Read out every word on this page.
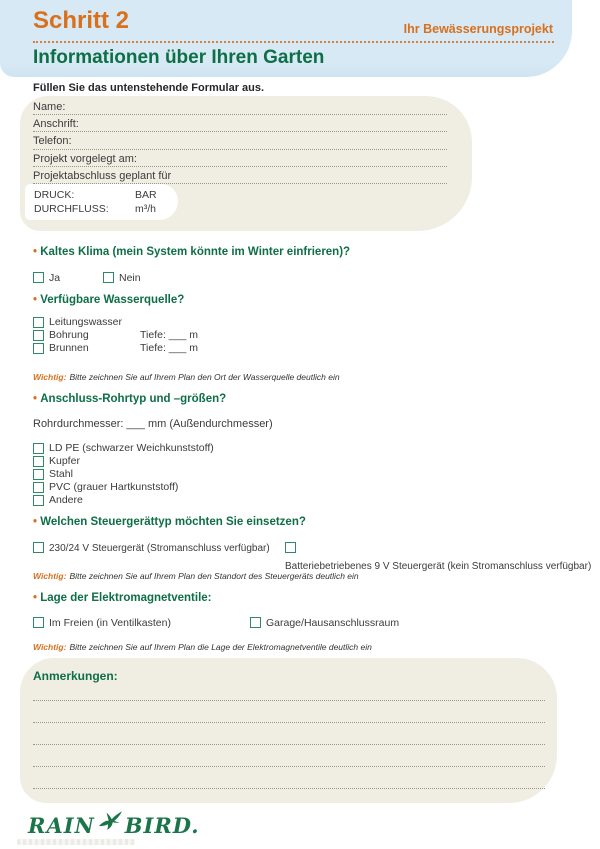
Schritt 2	Ihr Bewässerungsprojekt
Informationen über Ihren Garten
Füllen Sie das untenstehende Formular aus.
Name:
Anschrift:
Telefon:
Projekt vorgelegt am:
Projektabschluss geplant für
DRUCK:	BAR
DURCHFLUSS:	m³/h
• Kaltes Klima (mein System könnte im Winter einfrieren)?
Ja	Nein
• Verfügbare Wasserquelle?
Leitungswasser
Bohrung	Tiefe: ___ m
Brunnen	Tiefe: ___ m
Wichtig: Bitte zeichnen Sie auf Ihrem Plan den Ort der Wasserquelle deutlich ein
• Anschluss-Rohrtyp und –größen?
Rohrdurchmesser: ___ mm (Außendurchmesser)
LD PE (schwarzer Weichkunststoff)
Kupfer
Stahl
PVC (grauer Hartkunststoff)
Andere
• Welchen Steuergerättyp möchten Sie einsetzen?
230/24 V Steuergerät (Stromanschluss verfügbar)
Batteriebetriebenes 9 V Steuergerät (kein Stromanschluss verfügbar)
Wichtig: Bitte zeichnen Sie auf Ihrem Plan den Standort des Steuergeräts deutlich ein
• Lage der Elektromagnetventile:
Im Freien (in Ventilkasten)	Garage/Hausanschlussraum
Wichtig: Bitte zeichnen Sie auf Ihrem Plan die Lage der Elektromagnetventile deutlich ein
Anmerkungen:
RAIN BIRD.
